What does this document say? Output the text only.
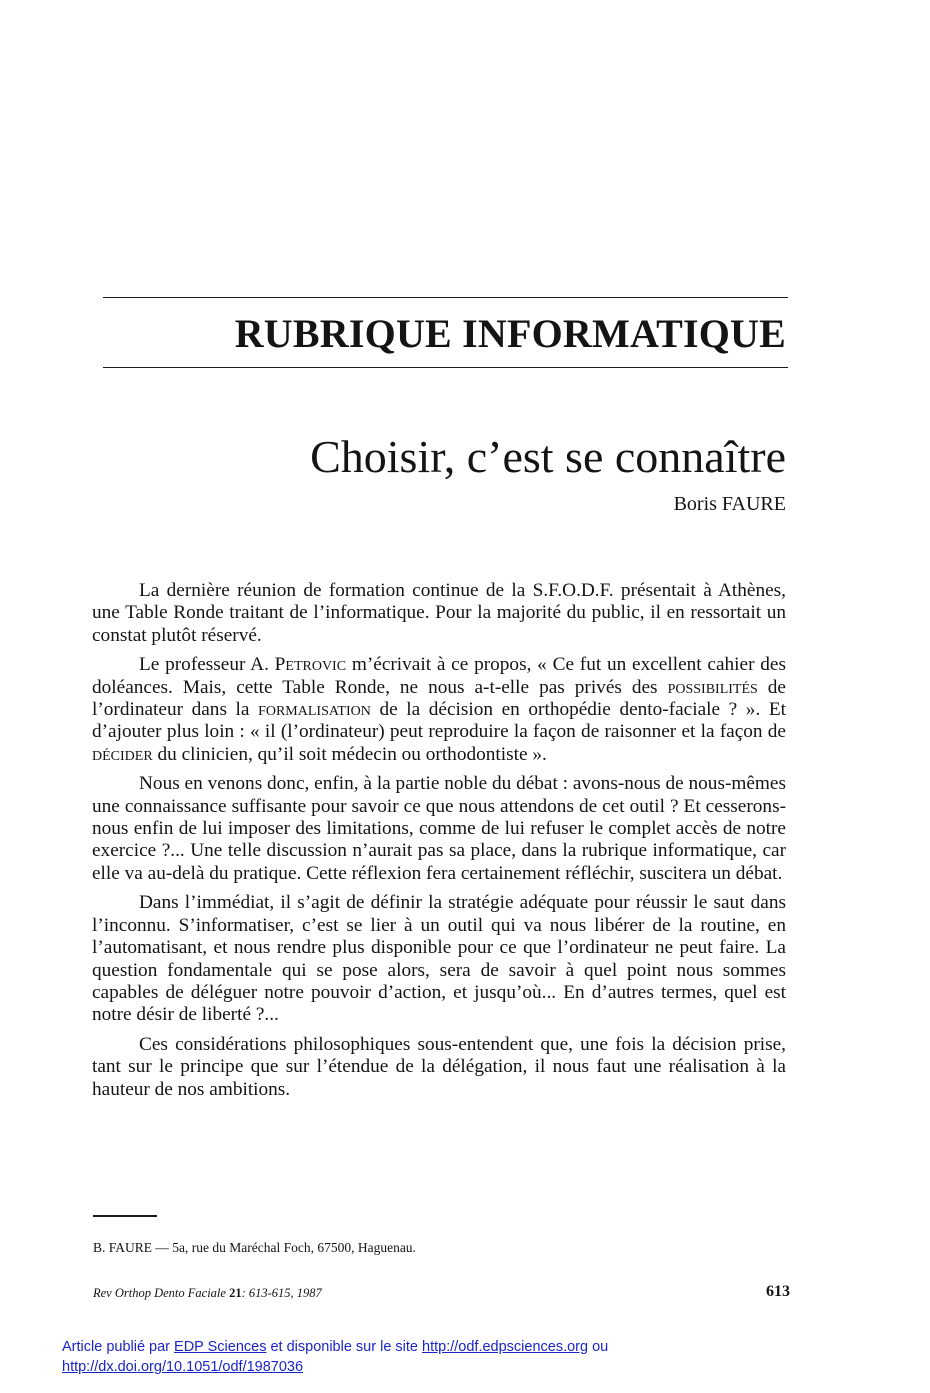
RUBRIQUE INFORMATIQUE
Choisir, c’est se connaître
Boris FAURE

La dernière réunion de formation continue de la S.F.O.D.F. présentait à Athènes, une Table Ronde traitant de l’informatique. Pour la majorité du public, il en ressortait un constat plutôt réservé.

Le professeur A. Petrovic m’écrivait à ce propos, « Ce fut un excellent cahier des doléances. Mais, cette Table Ronde, ne nous a-t-elle pas privés des possibilités de l’ordinateur dans la formalisation de la décision en orthopédie dento-faciale ? ». Et d’ajouter plus loin : « il (l’ordinateur) peut reproduire la façon de raisonner et la façon de décider du clinicien, qu’il soit médecin ou orthodontiste ».

Nous en venons donc, enfin, à la partie noble du débat : avons-nous de nous-mêmes une connaissance suffisante pour savoir ce que nous attendons de cet outil ? Et cesserons-nous enfin de lui imposer des limitations, comme de lui refuser le complet accès de notre exercice ?... Une telle discussion n’aurait pas sa place, dans la rubrique informatique, car elle va au-delà du pratique. Cette réflexion fera certainement réfléchir, suscitera un débat.

Dans l’immédiat, il s’agit de définir la stratégie adéquate pour réussir le saut dans l’inconnu. S’informatiser, c’est se lier à un outil qui va nous libérer de la routine, en l’automatisant, et nous rendre plus disponible pour ce que l’ordinateur ne peut faire. La question fondamentale qui se pose alors, sera de savoir à quel point nous sommes capables de déléguer notre pouvoir d’action, et jusqu’où... En d’autres termes, quel est notre désir de liberté ?...

Ces considérations philosophiques sous-entendent que, une fois la décision prise, tant sur le principe que sur l’étendue de la délégation, il nous faut une réalisation à la hauteur de nos ambitions.

B. FAURE — 5a, rue du Maréchal Foch, 67500, Haguenau.
Rev Orthop Dento Faciale 21: 613-615, 1987	613
Article publié par EDP Sciences et disponible sur le site http://odf.edpsciences.org ou
http://dx.doi.org/10.1051/odf/1987036
